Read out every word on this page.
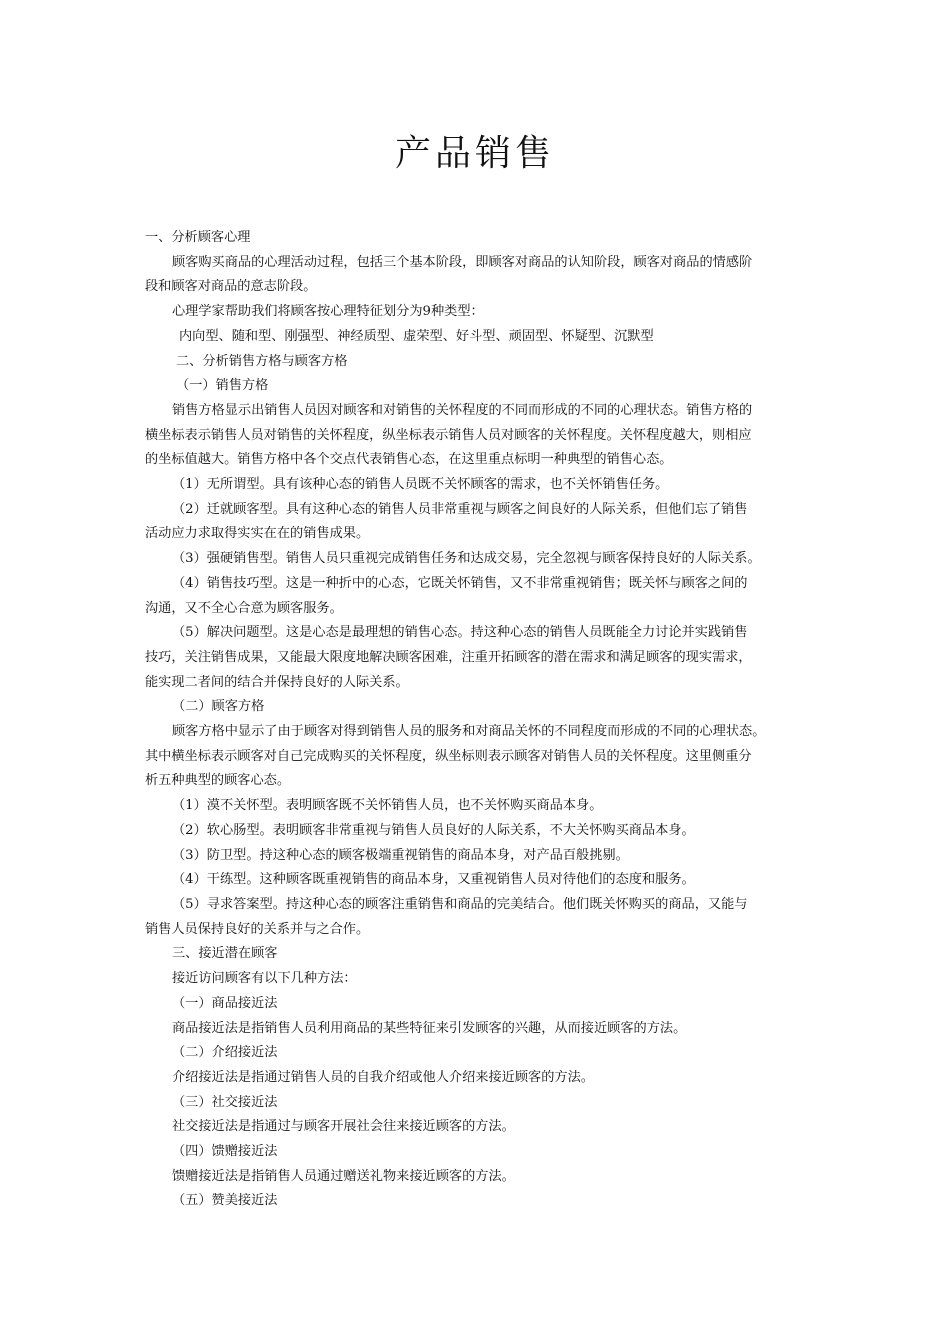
产品销售

一、分析顾客心理

顾客购买商品的心理活动过程，包括三个基本阶段，即顾客对商品的认知阶段，顾客对商品的情感阶

段和顾客对商品的意志阶段。

心理学家帮助我们将顾客按心理特征划分为9种类型：

内向型、随和型、刚强型、神经质型、虚荣型、好斗型、顽固型、怀疑型、沉默型

二、分析销售方格与顾客方格

（一）销售方格

销售方格显示出销售人员因对顾客和对销售的关怀程度的不同而形成的不同的心理状态。销售方格的

横坐标表示销售人员对销售的关怀程度，纵坐标表示销售人员对顾客的关怀程度。关怀程度越大，则相应

的坐标值越大。销售方格中各个交点代表销售心态，在这里重点标明一种典型的销售心态。

（1）无所谓型。具有该种心态的销售人员既不关怀顾客的需求，也不关怀销售任务。

（2）迁就顾客型。具有这种心态的销售人员非常重视与顾客之间良好的人际关系，但他们忘了销售

活动应力求取得实实在在的销售成果。

（3）强硬销售型。销售人员只重视完成销售任务和达成交易，完全忽视与顾客保持良好的人际关系。

（4）销售技巧型。这是一种折中的心态，它既关怀销售，又不非常重视销售；既关怀与顾客之间的

沟通，又不全心合意为顾客服务。

（5）解决问题型。这是心态是最理想的销售心态。持这种心态的销售人员既能全力讨论并实践销售

技巧，关注销售成果，又能最大限度地解决顾客困难，注重开拓顾客的潜在需求和满足顾客的现实需求，

能实现二者间的结合并保持良好的人际关系。

（二）顾客方格

顾客方格中显示了由于顾客对得到销售人员的服务和对商品关怀的不同程度而形成的不同的心理状态。

其中横坐标表示顾客对自己完成购买的关怀程度，纵坐标则表示顾客对销售人员的关怀程度。这里侧重分

析五种典型的顾客心态。

（1）漠不关怀型。表明顾客既不关怀销售人员，也不关怀购买商品本身。

（2）软心肠型。表明顾客非常重视与销售人员良好的人际关系，不大关怀购买商品本身。

（3）防卫型。持这种心态的顾客极端重视销售的商品本身，对产品百般挑剔。

（4）干练型。这种顾客既重视销售的商品本身，又重视销售人员对待他们的态度和服务。

（5）寻求答案型。持这种心态的顾客注重销售和商品的完美结合。他们既关怀购买的商品，又能与

销售人员保持良好的关系并与之合作。

三、接近潜在顾客

接近访问顾客有以下几种方法：

（一）商品接近法

商品接近法是指销售人员利用商品的某些特征来引发顾客的兴趣，从而接近顾客的方法。

（二）介绍接近法

介绍接近法是指通过销售人员的自我介绍或他人介绍来接近顾客的方法。

（三）社交接近法

社交接近法是指通过与顾客开展社会往来接近顾客的方法。

（四）馈赠接近法

馈赠接近法是指销售人员通过赠送礼物来接近顾客的方法。

（五）赞美接近法
